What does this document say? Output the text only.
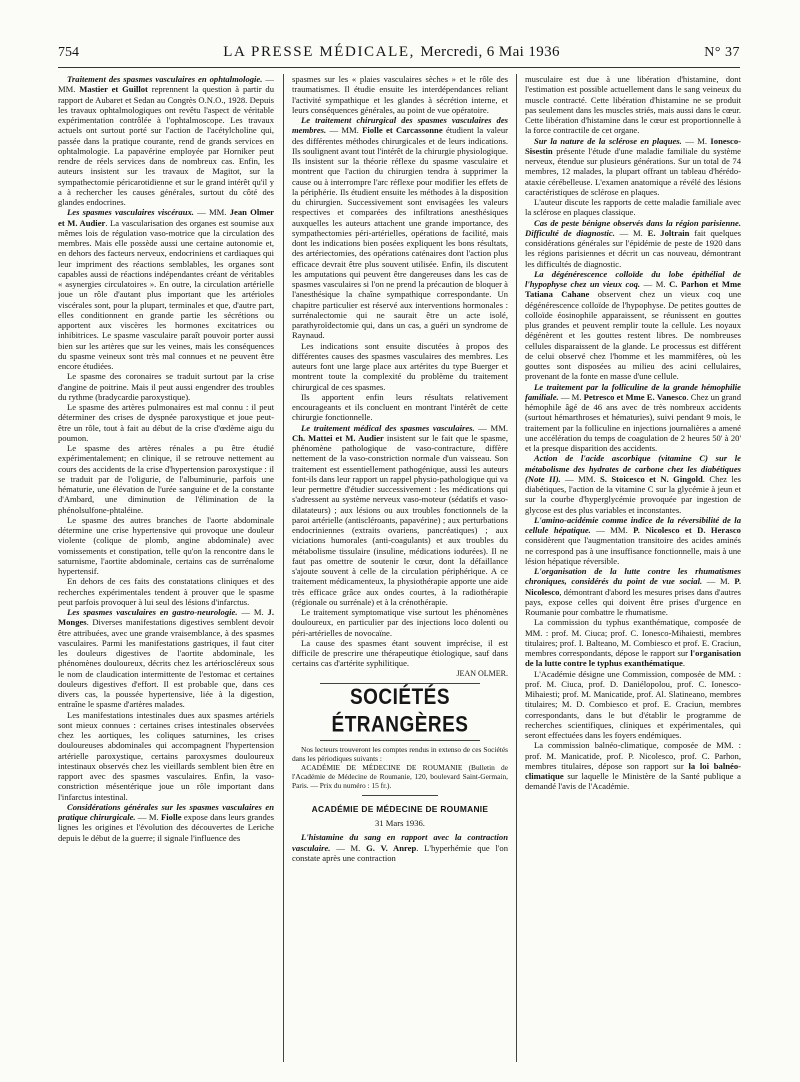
754	LA PRESSE MÉDICALE, Mercredi, 6 Mai 1936	N° 37

Traitement des spasmes vasculaires en ophtalmologie. — MM. Mastier et Guillot reprennent la question à partir du rapport de Aubaret et Sedan au Congrès O.N.O., 1928. Depuis les travaux ophtalmologiques ont revêtu l'aspect de véritable expérimentation contrôlée à l'ophtalmoscope. Les travaux actuels ont surtout porté sur l'action de l'acétylcholine qui, passée dans la pratique courante, rend de grands services en ophtalmologie. La papavérine employée par Horniker peut rendre de réels services dans de nombreux cas. Enfin, les auteurs insistent sur les travaux de Magitot, sur la sympathectomie péricarotidienne et sur le grand intérêt qu'il y a à rechercher les causes générales, surtout du côté des glandes endocrines.

Les spasmes vasculaires viscéraux. — MM. Jean Olmer et M. Audier. La vascularisation des organes est soumise aux mêmes lois de régulation vaso-motrice que la circulation des membres. Mais elle possède aussi une certaine autonomie et, en dehors des facteurs nerveux, endocriniens et cardiaques qui leur impriment des réactions semblables, les organes sont capables aussi de réactions indépendantes créant de véritables « asynergies circulatoires ». En outre, la circulation artérielle joue un rôle d'autant plus important que les artérioles viscérales sont, pour la plupart, terminales et que, d'autre part, elles conditionnent en grande partie les sécrétions ou apportent aux viscères les hormones excitatrices ou inhibitrices. Le spasme vasculaire paraît pouvoir porter aussi bien sur les artères que sur les veines, mais les conséquences du spasme veineux sont très mal connues et ne peuvent être encore étudiées.

Le spasme des coronaires se traduit surtout par la crise d'angine de poitrine. Mais il peut aussi engendrer des troubles du rythme (bradycardie paroxystique).

Le spasme des artères pulmonaires est mal connu : il peut déterminer des crises de dyspnée paroxystique et joue peut-être un rôle, tout à fait au début de la crise d'œdème aigu du poumon.

Le spasme des artères rénales a pu être étudié expérimentalement; en clinique, il se retrouve nettement au cours des accidents de la crise d'hypertension paroxystique : il se traduit par de l'oligurie, de l'albuminurie, parfois une hématurie, une élévation de l'urée sanguine et de la constante d'Ambard, une diminution de l'élimination de la phénolsulfone-phtaléine.

Le spasme des autres branches de l'aorte abdominale détermine une crise hypertensive qui provoque une douleur violente (colique de plomb, angine abdominale) avec vomissements et constipation, telle qu'on la rencontre dans le saturnisme, l'aortite abdominale, certains cas de surrénalome hypertensif.

En dehors de ces faits des constatations cliniques et des recherches expérimentales tendent à prouver que le spasme peut parfois provoquer à lui seul des lésions d'infarctus.

Les spasmes vasculaires en gastro-neurologie. — M. J. Monges. Diverses manifestations digestives semblent devoir être attribuées, avec une grande vraisemblance, à des spasmes vasculaires. Parmi les manifestations gastriques, il faut citer les douleurs digestives de l'aortite abdominale, les phénomènes douloureux, décrits chez les artérioscléreux sous le nom de claudication intermittente de l'estomac et certaines douleurs digestives d'effort. Il est probable que, dans ces divers cas, la poussée hypertensive, liée à la digestion, entraîne le spasme d'artères malades.

Les manifestations intestinales dues aux spasmes artériels sont mieux connues : certaines crises intestinales observées chez les aortiques, les coliques saturnines, les crises douloureuses abdominales qui accompagnent l'hypertension artérielle paroxystique, certains paroxysmes douloureux intestinaux observés chez les vieillards semblent bien être en rapport avec des spasmes vasculaires. Enfin, la vaso-constriction mésentérique joue un rôle important dans l'infarctus intestinal.

Considérations générales sur les spasmes vasculaires en pratique chirurgicale. — M. Fiolle expose dans leurs grandes lignes les origines et l'évolution des découvertes de Leriche depuis le début de la guerre; il signale l'influence des

spasmes sur les « plaies vasculaires sèches » et le rôle des traumatismes. Il étudie ensuite les interdépendances reliant l'activité sympathique et les glandes à sécrétion interne, et leurs conséquences générales, au point de vue opératoire.

Le traitement chirurgical des spasmes vasculaires des membres. — MM. Fiolle et Carcassonne étudient la valeur des différentes méthodes chirurgicales et de leurs indications. Ils soulignent avant tout l'intérêt de la chirurgie physiologique. Ils insistent sur la théorie réflexe du spasme vasculaire et montrent que l'action du chirurgien tendra à supprimer la cause ou à interrompre l'arc réflexe pour modifier les effets de la périphérie. Ils étudient ensuite les méthodes à la disposition du chirurgien. Successivement sont envisagées les valeurs respectives et comparées des infiltrations anesthésiques auxquelles les auteurs attachent une grande importance, des sympathectomies péri-artérielles, opérations de facilité, mais dont les indications bien posées expliquent les bons résultats, des artériectomies, des opérations caténaires dont l'action plus efficace devrait être plus souvent utilisée. Enfin, ils discutent les amputations qui peuvent être dangereuses dans les cas de spasmes vasculaires si l'on ne prend la précaution de bloquer à l'anesthésique la chaîne sympathique correspondante. Un chapitre particulier est réservé aux interventions hormonales : surrénalectomie qui ne saurait être un acte isolé, parathyroïdectomie qui, dans un cas, a guéri un syndrome de Raynaud.

Les indications sont ensuite discutées à propos des différentes causes des spasmes vasculaires des membres. Les auteurs font une large place aux artérites du type Buerger et montrent toute la complexité du problème du traitement chirurgical de ces spasmes.

Ils apportent enfin leurs résultats relativement encourageants et ils concluent en montrant l'intérêt de cette chirurgie fonctionnelle.

Le traitement médical des spasmes vasculaires. — MM. Ch. Mattei et M. Audier insistent sur le fait que le spasme, phénomène pathologique de vaso-contracture, diffère nettement de la vaso-constriction normale d'un vaisseau. Son traitement est essentiellement pathogénique, aussi les auteurs font-ils dans leur rapport un rappel physio-pathologique qui va leur permettre d'étudier successivement : les médications qui s'adressent au système nerveux vaso-moteur (sédatifs et vaso-dilatateurs) ; aux lésions ou aux troubles fonctionnels de la paroi artérielle (antiscléroants, papavérine) ; aux perturbations endocriniennes (extraits ovariens, pancréatiques) ; aux viciations humorales (anti-coagulants) et aux troubles du métabolisme tissulaire (insuline, médications iodurées). Il ne faut pas omettre de soutenir le cœur, dont la défaillance s'ajoute souvent à celle de la circulation périphérique. A ce traitement médicamenteux, la physiothérapie apporte une aide très efficace grâce aux ondes courtes, à la radiothérapie (régionale ou surrénale) et à la crénothérapie.

Le traitement symptomatique vise surtout les phénomènes douloureux, en particulier par des injections loco dolenti ou péri-artérielles de novocaïne.

La cause des spasmes étant souvent imprécise, il est difficile de prescrire une thérapeutique étiologique, sauf dans certains cas d'artérite syphilitique.

JEAN OLMER.

SOCIÉTÉS ÉTRANGÈRES

Nos lecteurs trouveront les comptes rendus in extenso de ces Sociétés dans les périodiques suivants :

ACADÉMIE DE MÉDECINE DE ROUMANIE (Bulletin de l'Académie de Médecine de Roumanie, 120, boulevard Saint-Germain, Paris. — Prix du numéro : 15 fr.).

ACADÉMIE DE MÉDECINE DE ROUMANIE

31 Mars 1936.

L'histamine du sang en rapport avec la contraction vasculaire. — M. G. V. Anrep. L'hyperhémie que l'on constate après une contraction

musculaire est due à une libération d'histamine, dont l'estimation est possible actuellement dans le sang veineux du muscle contracté. Cette libération d'histamine ne se produit pas seulement dans les muscles striés, mais aussi dans le cœur. Cette libération d'histamine dans le cœur est proportionnelle à la force contractile de cet organe.

Sur la nature de la sclérose en plaques. — M. Ionesco-Sisestin présente l'étude d'une maladie familiale du système nerveux, étendue sur plusieurs générations. Sur un total de 74 membres, 12 malades, la plupart offrant un tableau d'hérédo-ataxie cérébelleuse. L'examen anatomique a révélé des lésions caractéristiques de sclérose en plaques.

L'auteur discute les rapports de cette maladie familiale avec la sclérose en plaques classique.

Cas de peste bénigne observés dans la région parisienne. Difficulté de diagnostic. — M. E. Joltrain fait quelques considérations générales sur l'épidémie de peste de 1920 dans les régions parisiennes et décrit un cas nouveau, démontrant les difficultés de diagnostic.

La dégénérescence colloïde du lobe épithélial de l'hypophyse chez un vieux coq. — M. C. Parhon et Mme Tatiana Cahane observent chez un vieux coq une dégénérescence colloïde de l'hypophyse. De petites gouttes de colloïde éosinophile apparaissent, se réunissent en gouttes plus grandes et peuvent remplir toute la cellule. Les noyaux dégénèrent et les gouttes restent libres. De nombreuses cellules disparaissent de la glande. Le processus est différent de celui observé chez l'homme et les mammifères, où les gouttes sont disposées au milieu des acini cellulaires, provenant de la fonte en masse d'une cellule.

Le traitement par la folliculine de la grande hémophilie familiale. — M. Petresco et Mme E. Vanesco. Chez un grand hémophile âgé de 46 ans avec de très nombreux accidents (surtout hémarthroses et hématuries), suivi pendant 9 mois, le traitement par la folliculine en injections journalières a amené une accélération du temps de coagulation de 2 heures 50' à 20' et la presque disparition des accidents.

Action de l'acide ascorbique (vitamine C) sur le métabolisme des hydrates de carbone chez les diabétiques (Note II). — MM. S. Stoicesco et N. Gingold. Chez les diabétiques, l'action de la vitamine C sur la glycémie à jeun et sur la courbe d'hyperglycémie provoquée par ingestion de glycose est des plus variables et inconstantes.

L'amino-acidémie comme indice de la réversibilité de la cellule hépatique. — MM. P. Nicolesco et D. Herasco considèrent que l'augmentation transitoire des acides aminés ne correspond pas à une insuffisance fonctionnelle, mais à une lésion hépatique réversible.

L'organisation de la lutte contre les rhumatismes chroniques, considérés du point de vue social. — M. P. Nicolesco, démontrant d'abord les mesures prises dans d'autres pays, expose celles qui doivent être prises d'urgence en Roumanie pour combattre le rhumatisme.

La commission du typhus exanthématique, composée de MM. : prof. M. Ciuca; prof. C. Ionesco-Mihaiesti, membres titulaires; prof. I. Balteano, M. Combiesco et prof. E. Craciun, membres correspondants, dépose le rapport sur l'organisation de la lutte contre le typhus exanthématique.

L'Académie désigne une Commission, composée de MM. : prof. M. Ciuca, prof. D. Daniélopolou, prof. C. Ionesco-Mihaiesti; prof. M. Manicatide, prof. Al. Slatineano, membres titulaires; M. D. Combiesco et prof. E. Craciun, membres correspondants, dans le but d'établir le programme de recherches scientifiques, cliniques et expérimentales, qui seront effectuées dans les foyers endémiques.

La commission balnéo-climatique, composée de MM. : prof. M. Manicatide, prof. P. Nicolesco, prof. C. Parhon, membres titulaires, dépose son rapport sur la loi balnéo-climatique sur laquelle le Ministère de la Santé publique a demandé l'avis de l'Académie.
